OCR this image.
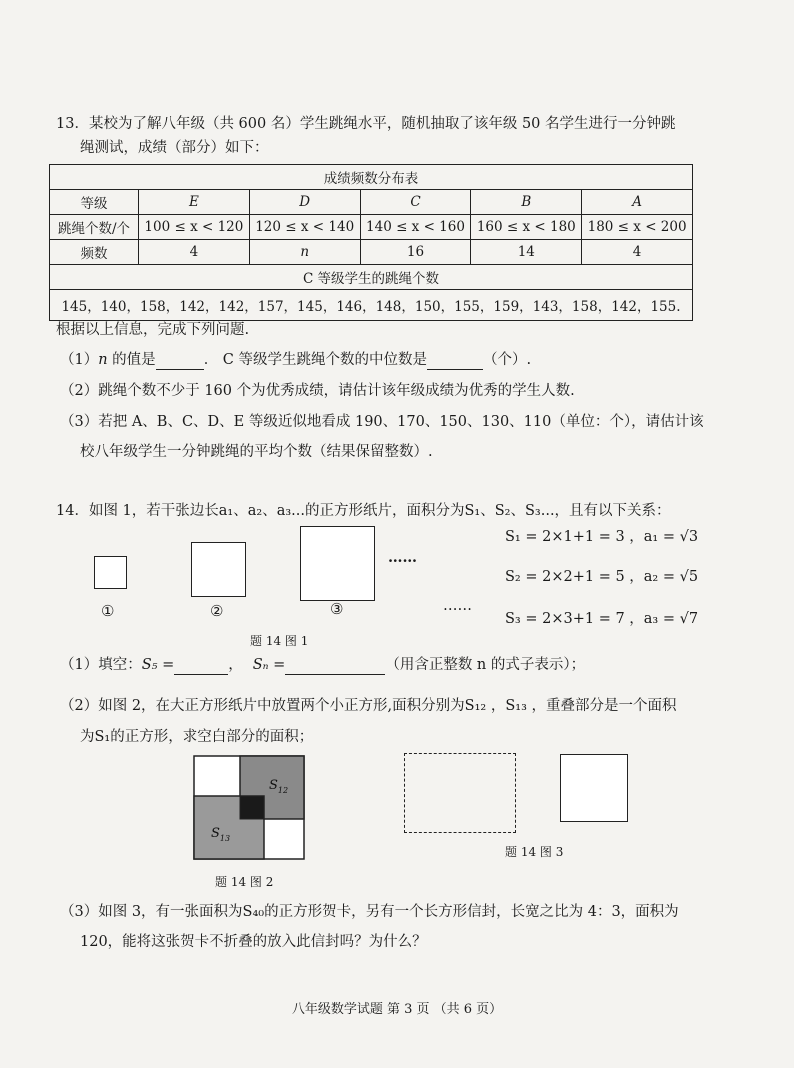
13．某校为了解八年级（共 600 名）学生跳绳水平，随机抽取了该年级 50 名学生进行一分钟跳
绳测试，成绩（部分）如下：
成绩频数分布表					
等级	E	D	C	B	A
跳绳个数/个	100 ≤ x < 120	120 ≤ x < 140	140 ≤ x < 160	160 ≤ x < 180	180 ≤ x < 200
频数	4	n	16	14	4
C 等级学生的跳绳个数					
145，140，158，142，142，157，145，146，148，150，155，159，143，158，142，155.					
根据以上信息，完成下列问题.
（1）n 的值是	． C 等级学生跳绳个数的中位数是	（个）.
（2）跳绳个数不少于 160 个为优秀成绩，请估计该年级成绩为优秀的学生人数.
（3）若把 A、B、C、D、E 等级近似地看成 190、170、150、130、110（单位：个），请估计该
校八年级学生一分钟跳绳的平均个数（结果保留整数）.
14．如图 1，若干张边长a₁、a₂、a₃...的正方形纸片，面积分为S₁、S₂、S₃...，且有以下关系：
S₁ = 2×1+1 = 3 ，a₁ = √3
S₂ = 2×2+1 = 5 ，a₂ = √5
S₃ = 2×3+1 = 7 ，a₃ = √7
①	②	③
……
……
题 14 图 1
（1）填空：S₅ =	， Sₙ =	（用含正整数 n 的式子表示）；
（2）如图 2，在大正方形纸片中放置两个小正方形,面积分别为S₁₂ ，S₁₃ ，重叠部分是一个面积
为S₁的正方形，求空白部分的面积；
$S_{12}$
$S_{13}$
题 14 图 2
题 14 图 3
（3）如图 3，有一张面积为S₄₀的正方形贺卡，另有一个长方形信封，长宽之比为 4：3，面积为
120，能将这张贺卡不折叠的放入此信封吗？为什么？
八年级数学试题 第 3 页 （共 6 页）
